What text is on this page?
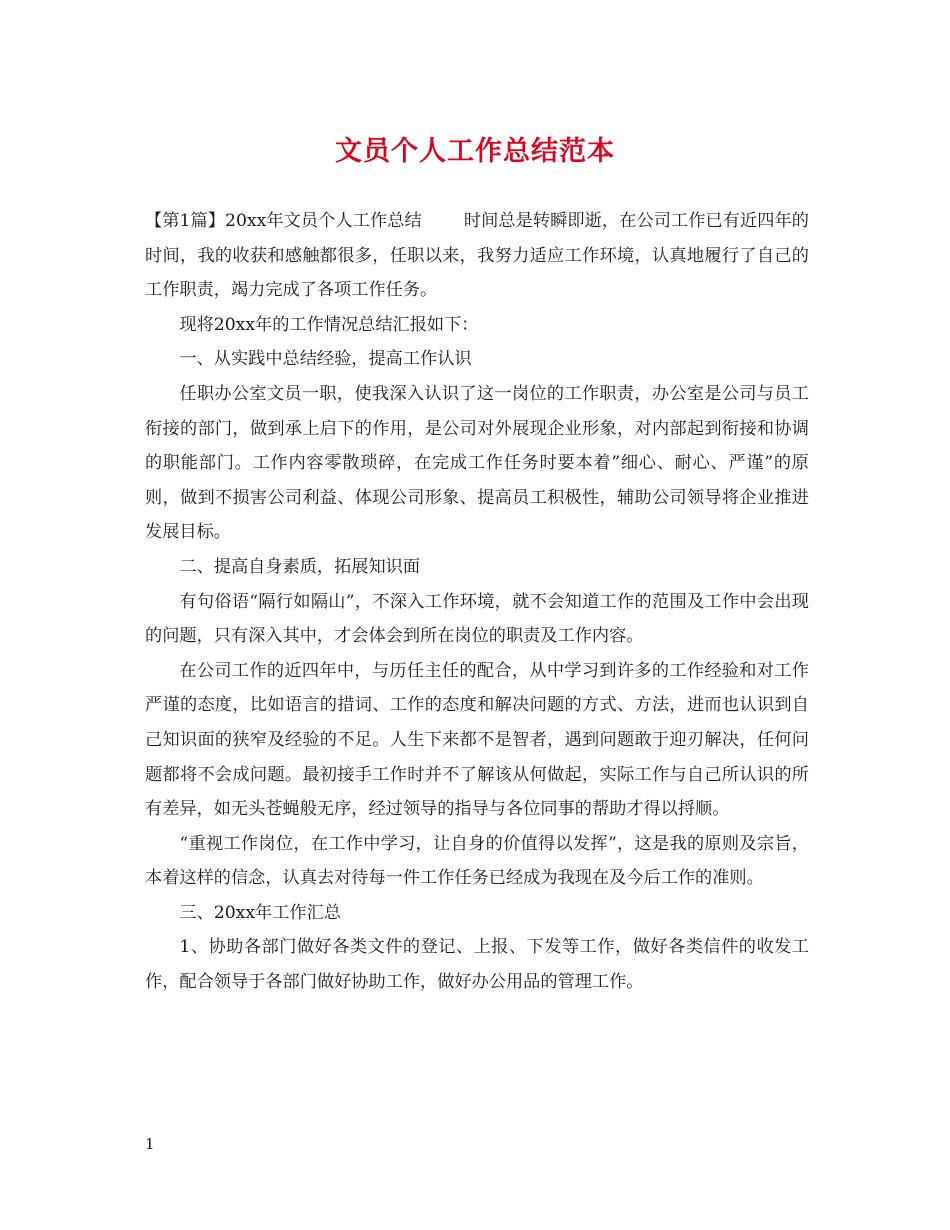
文员个人工作总结范本

【第1篇】20xx年文员个人工作总结 时间总是转瞬即逝，在公司工作已有近四年的时间，我的收获和感触都很多，任职以来，我努力适应工作环境，认真地履行了自己的工作职责，竭力完成了各项工作任务。

现将20xx年的工作情况总结汇报如下：

一、从实践中总结经验，提高工作认识

任职办公室文员一职，使我深入认识了这一岗位的工作职责，办公室是公司与员工衔接的部门，做到承上启下的作用，是公司对外展现企业形象，对内部起到衔接和协调的职能部门。工作内容零散琐碎，在完成工作任务时要本着”细心、耐心、严谨”的原则，做到不损害公司利益、体现公司形象、提高员工积极性，辅助公司领导将企业推进发展目标。

二、提高自身素质，拓展知识面

有句俗语“隔行如隔山”，不深入工作环境，就不会知道工作的范围及工作中会出现的问题，只有深入其中，才会体会到所在岗位的职责及工作内容。

在公司工作的近四年中，与历任主任的配合，从中学习到许多的工作经验和对工作严谨的态度，比如语言的措词、工作的态度和解决问题的方式、方法，进而也认识到自己知识面的狭窄及经验的不足。人生下来都不是智者，遇到问题敢于迎刃解决，任何问题都将不会成问题。最初接手工作时并不了解该从何做起，实际工作与自己所认识的所有差异，如无头苍蝇般无序，经过领导的指导与各位同事的帮助才得以捋顺。

“重视工作岗位，在工作中学习，让自身的价值得以发挥”，这是我的原则及宗旨，本着这样的信念，认真去对待每一件工作任务已经成为我现在及今后工作的准则。

三、20xx年工作汇总

1、协助各部门做好各类文件的登记、上报、下发等工作，做好各类信件的收发工作，配合领导于各部门做好协助工作，做好办公用品的管理工作。

1
